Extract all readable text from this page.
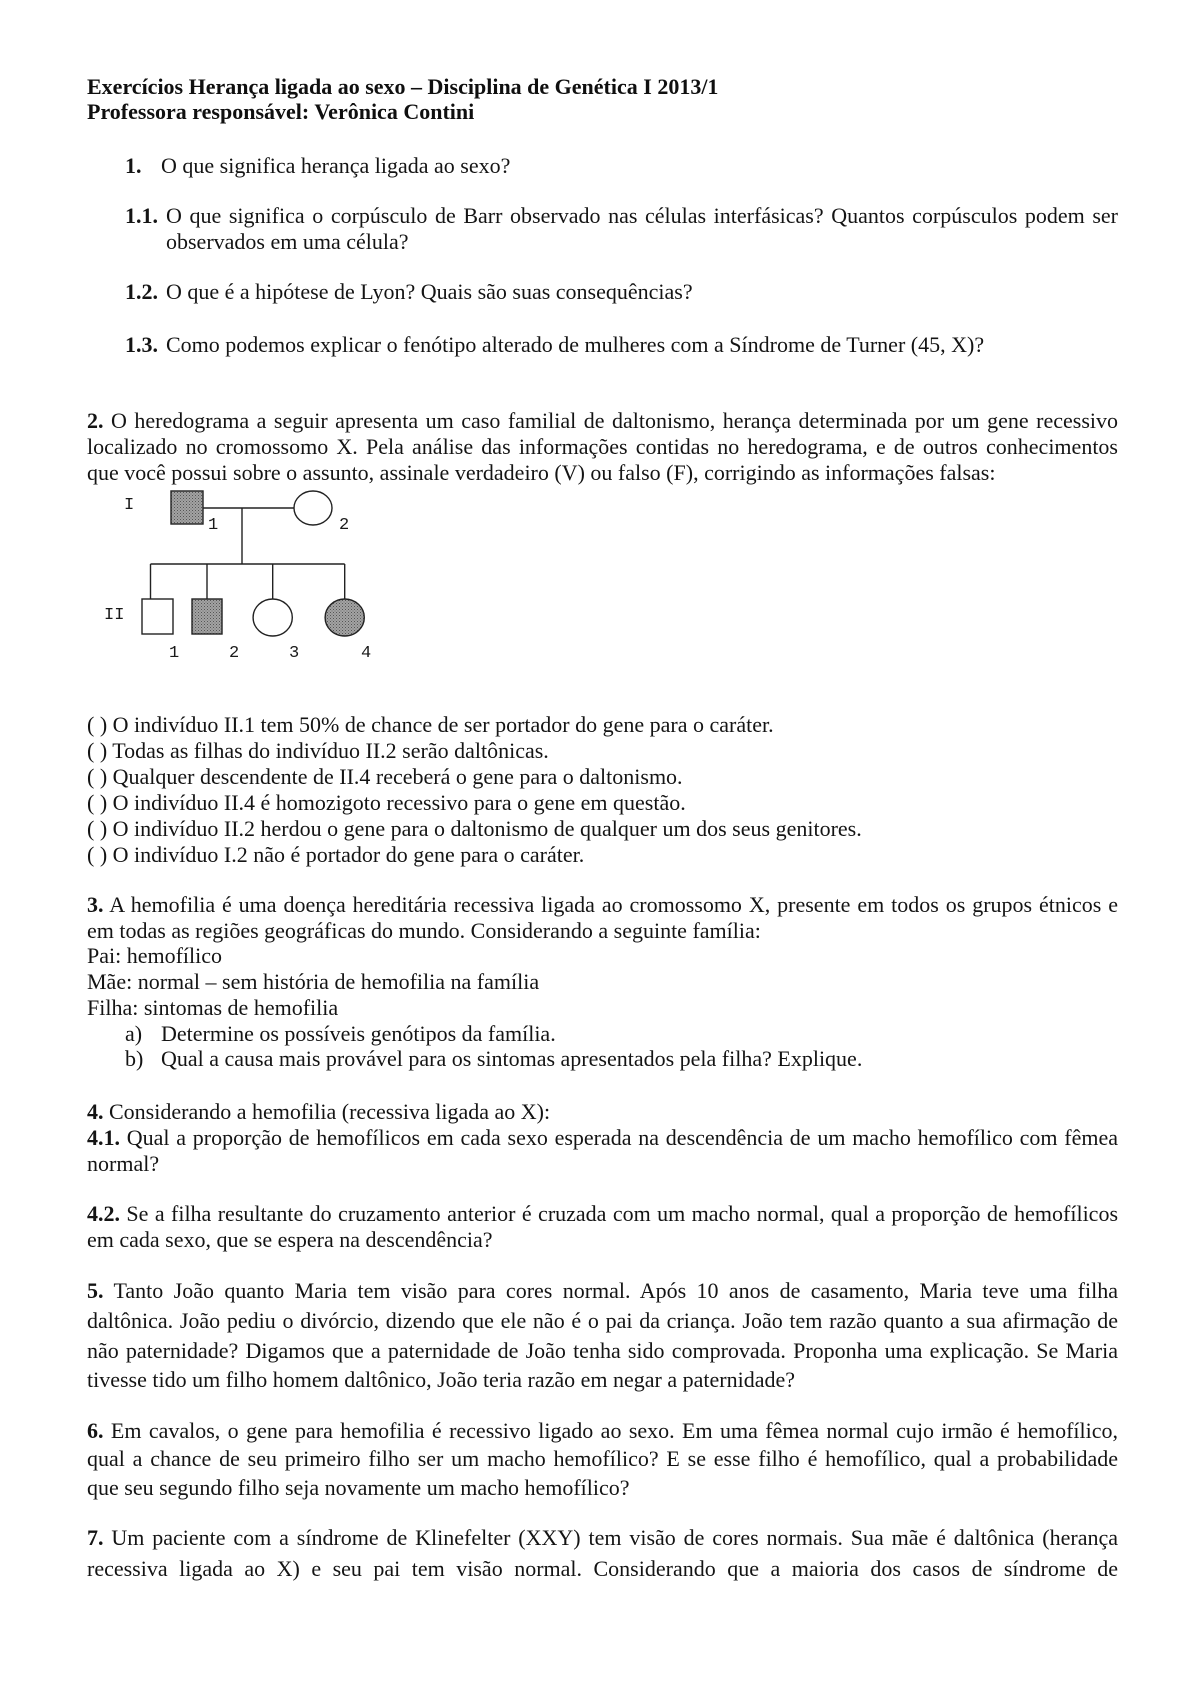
Exercícios Herança ligada ao sexo – Disciplina de Genética I 2013/1
Professora responsável: Verônica Contini
1. O que significa herança ligada ao sexo?
1.1. O que significa o corpúsculo de Barr observado nas células interfásicas? Quantos corpúsculos podem ser
observados em uma célula?
1.2. O que é a hipótese de Lyon? Quais são suas consequências?
1.3. Como podemos explicar o fenótipo alterado de mulheres com a Síndrome de Turner (45, X)?
2. O heredograma a seguir apresenta um caso familial de daltonismo, herança determinada por um gene recessivo
localizado no cromossomo X. Pela análise das informações contidas no heredograma, e de outros conhecimentos
que você possui sobre o assunto, assinale verdadeiro (V) ou falso (F), corrigindo as informações falsas:
I
II
1	2
1	2	3	4
( ) O indivíduo II.1 tem 50% de chance de ser portador do gene para o caráter.
( ) Todas as filhas do indivíduo II.2 serão daltônicas.
( ) Qualquer descendente de II.4 receberá o gene para o daltonismo.
( ) O indivíduo II.4 é homozigoto recessivo para o gene em questão.
( ) O indivíduo II.2 herdou o gene para o daltonismo de qualquer um dos seus genitores.
( ) O indivíduo I.2 não é portador do gene para o caráter.
3. A hemofilia é uma doença hereditária recessiva ligada ao cromossomo X, presente em todos os grupos étnicos e
em todas as regiões geográficas do mundo. Considerando a seguinte família:
Pai: hemofílico
Mãe: normal – sem história de hemofilia na família
Filha: sintomas de hemofilia
a) Determine os possíveis genótipos da família.
b) Qual a causa mais provável para os sintomas apresentados pela filha? Explique.
4. Considerando a hemofilia (recessiva ligada ao X):
4.1. Qual a proporção de hemofílicos em cada sexo esperada na descendência de um macho hemofílico com fêmea
normal?
4.2. Se a filha resultante do cruzamento anterior é cruzada com um macho normal, qual a proporção de hemofílicos
em cada sexo, que se espera na descendência?
5. Tanto João quanto Maria tem visão para cores normal. Após 10 anos de casamento, Maria teve uma filha
daltônica. João pediu o divórcio, dizendo que ele não é o pai da criança. João tem razão quanto a sua afirmação de
não paternidade? Digamos que a paternidade de João tenha sido comprovada. Proponha uma explicação. Se Maria
tivesse tido um filho homem daltônico, João teria razão em negar a paternidade?
6. Em cavalos, o gene para hemofilia é recessivo ligado ao sexo. Em uma fêmea normal cujo irmão é hemofílico,
qual a chance de seu primeiro filho ser um macho hemofílico? E se esse filho é hemofílico, qual a probabilidade
que seu segundo filho seja novamente um macho hemofílico?
7. Um paciente com a síndrome de Klinefelter (XXY) tem visão de cores normais. Sua mãe é daltônica (herança
recessiva ligada ao X) e seu pai tem visão normal. Considerando que a maioria dos casos de síndrome de
